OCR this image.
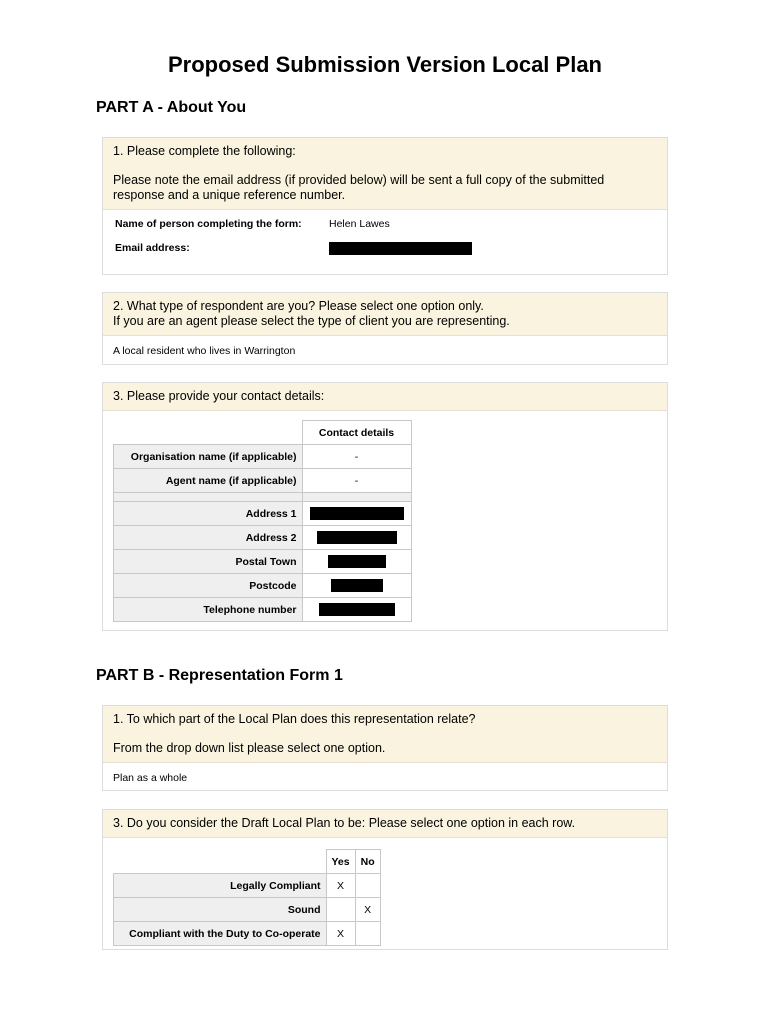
Proposed Submission Version Local Plan
PART A - About You

1. Please complete the following:

Please note the email address (if provided below) will be sent a full copy of the submitted response and a unique reference number.

Name of person completing the form:	Helen Lawes
Email address:

2. What type of respondent are you? Please select one option only.

If you are an agent please select the type of client you are representing.

A local resident who lives in Warrington

3. Please provide your contact details:

	Contact details
Organisation name (if applicable)	-
Agent name (if applicable)	-

Address 1	
Address 2	
Postal Town	
Postcode	
Telephone number	
PART B - Representation Form 1

1. To which part of the Local Plan does this representation relate?

From the drop down list please select one option.

Plan as a whole

3. Do you consider the Draft Local Plan to be: Please select one option in each row.

	Yes	No
Legally Compliant	X	
Sound		X
Compliant with the Duty to Co-operate	X	
